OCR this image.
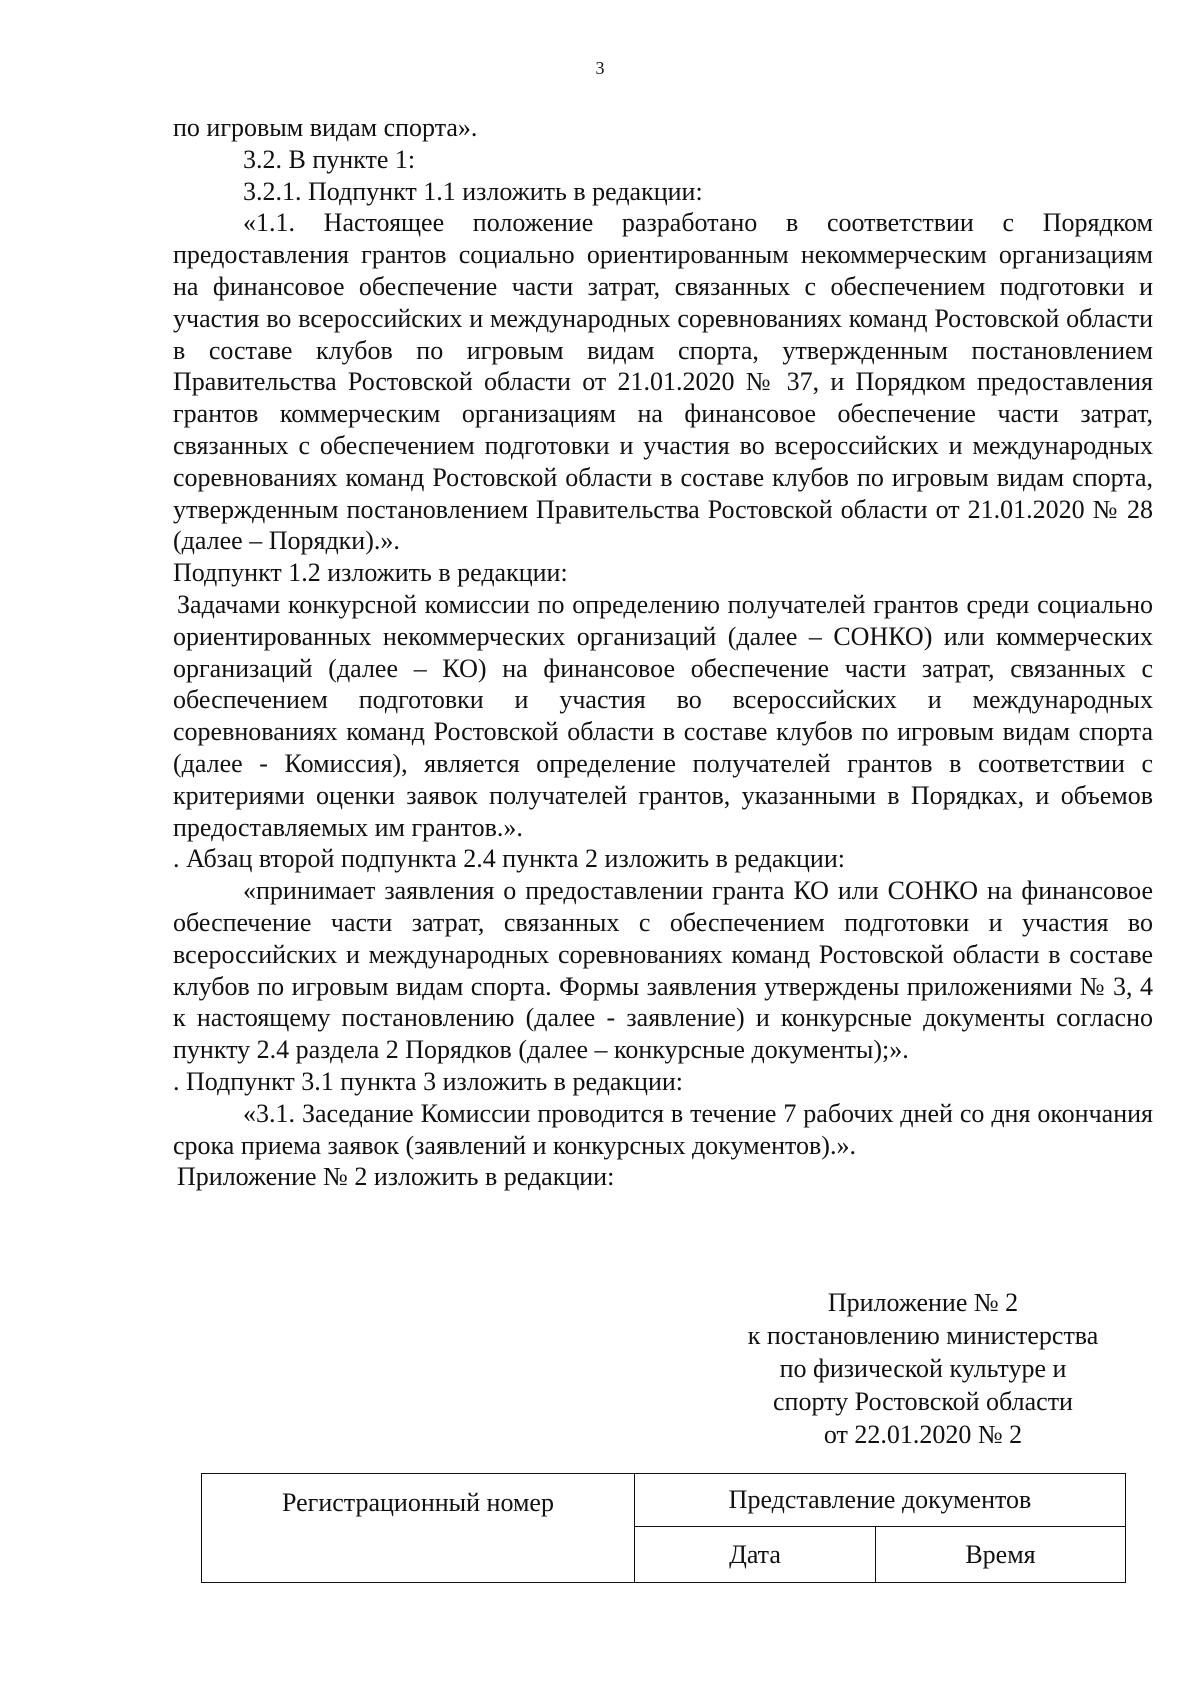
3

по игровым видам спорта».

3.2. В пункте 1:

3.2.1. Подпункт 1.1 изложить в редакции:

«1.1. Настоящее положение разработано в соответствии с Порядком предоставления грантов социально ориентированным некоммерческим организациям на финансовое обеспечение части затрат, связанных с обеспечением подготовки и участия во всероссийских и международных соревнованиях команд Ростовской области в составе клубов по игровым видам спорта, утвержденным постановлением Правительства Ростовской области от 21.01.2020 № 37, и Порядком предоставления грантов коммерческим организациям на финансовое обеспечение части затрат, связанных с обеспечением подготовки и участия во всероссийских и международных соревнованиях команд Ростовской области в составе клубов по игровым видам спорта, утвержденным постановлением Правительства Ростовской области от 21.01.2020 № 28 (далее – Порядки).».

Подпункт 1.2 изложить в редакции:

Задачами конкурсной комиссии по определению получателей грантов среди социально ориентированных некоммерческих организаций (далее – СОНКО) или коммерческих организаций (далее – КО) на финансовое обеспечение части затрат, связанных с обеспечением подготовки и участия во всероссийских и международных соревнованиях команд Ростовской области в составе клубов по игровым видам спорта (далее - Комиссия), является определение получателей грантов в соответствии с критериями оценки заявок получателей грантов, указанными в Порядках, и объемов предоставляемых им грантов.».

. Абзац второй подпункта 2.4 пункта 2 изложить в редакции:

«принимает заявления о предоставлении гранта КО или СОНКО на финансовое обеспечение части затрат, связанных с обеспечением подготовки и участия во всероссийских и международных соревнованиях команд Ростовской области в составе клубов по игровым видам спорта. Формы заявления утверждены приложениями № 3, 4 к настоящему постановлению (далее - заявление) и конкурсные документы согласно пункту 2.4 раздела 2 Порядков (далее – конкурсные документы);».

. Подпункт 3.1 пункта 3 изложить в редакции:

«3.1. Заседание Комиссии проводится в течение 7 рабочих дней со дня окончания срока приема заявок (заявлений и конкурсных документов).».

Приложение № 2 изложить в редакции:

Приложение № 2

к постановлению министерства

по физической культуре и

спорту Ростовской области

от 22.01.2020 № 2

Регистрационный номер	Представление документов	
	Дата	Время
